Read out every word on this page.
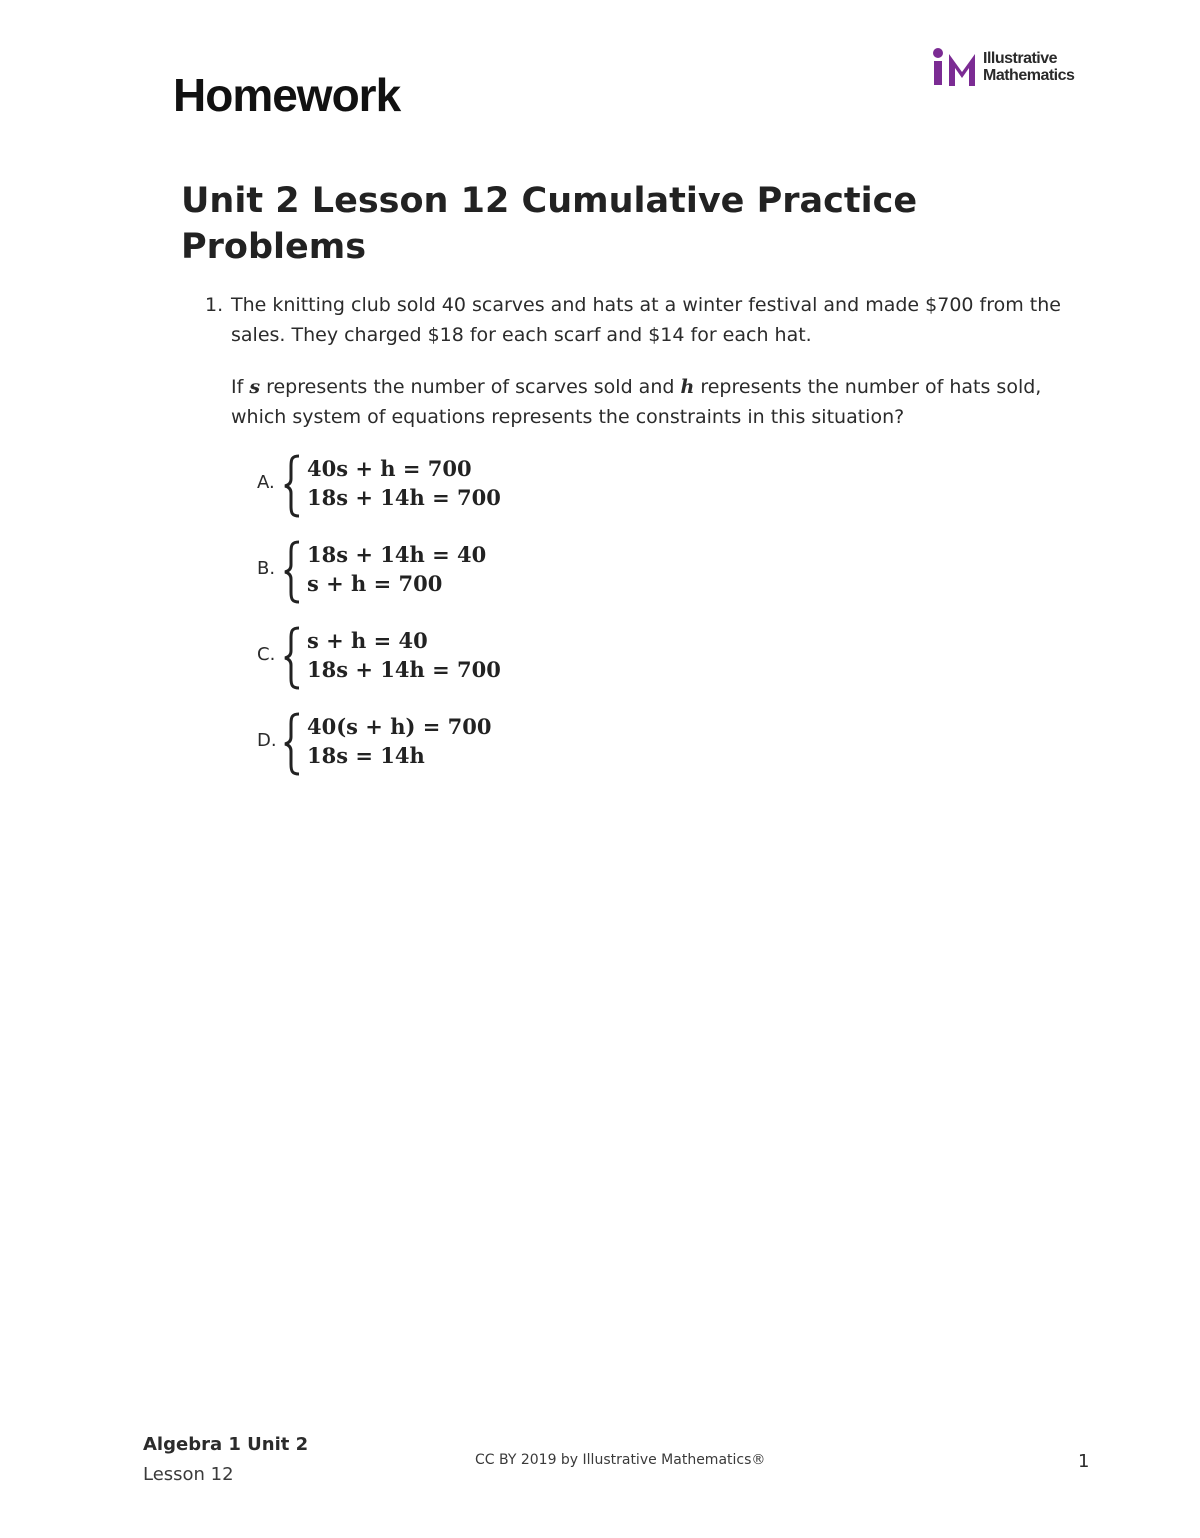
Homework
Illustrative
Mathematics
Unit 2 Lesson 12 Cumulative Practice Problems
1. The knitting club sold 40 scarves and hats at a winter festival and made $700 from the sales. They charged $18 for each scarf and $14 for each hat.

If s represents the number of scarves sold and h represents the number of hats sold, which system of equations represents the constraints in this situation?

A.
40s + h = 700
18s + 14h = 700
B.
18s + 14h = 40
s + h = 700
C.
s + h = 40
18s + 14h = 700
D.
40(s + h) = 700
18s = 14h
Algebra 1 Unit 2
Lesson 12
CC BY 2019 by Illustrative Mathematics®	1
